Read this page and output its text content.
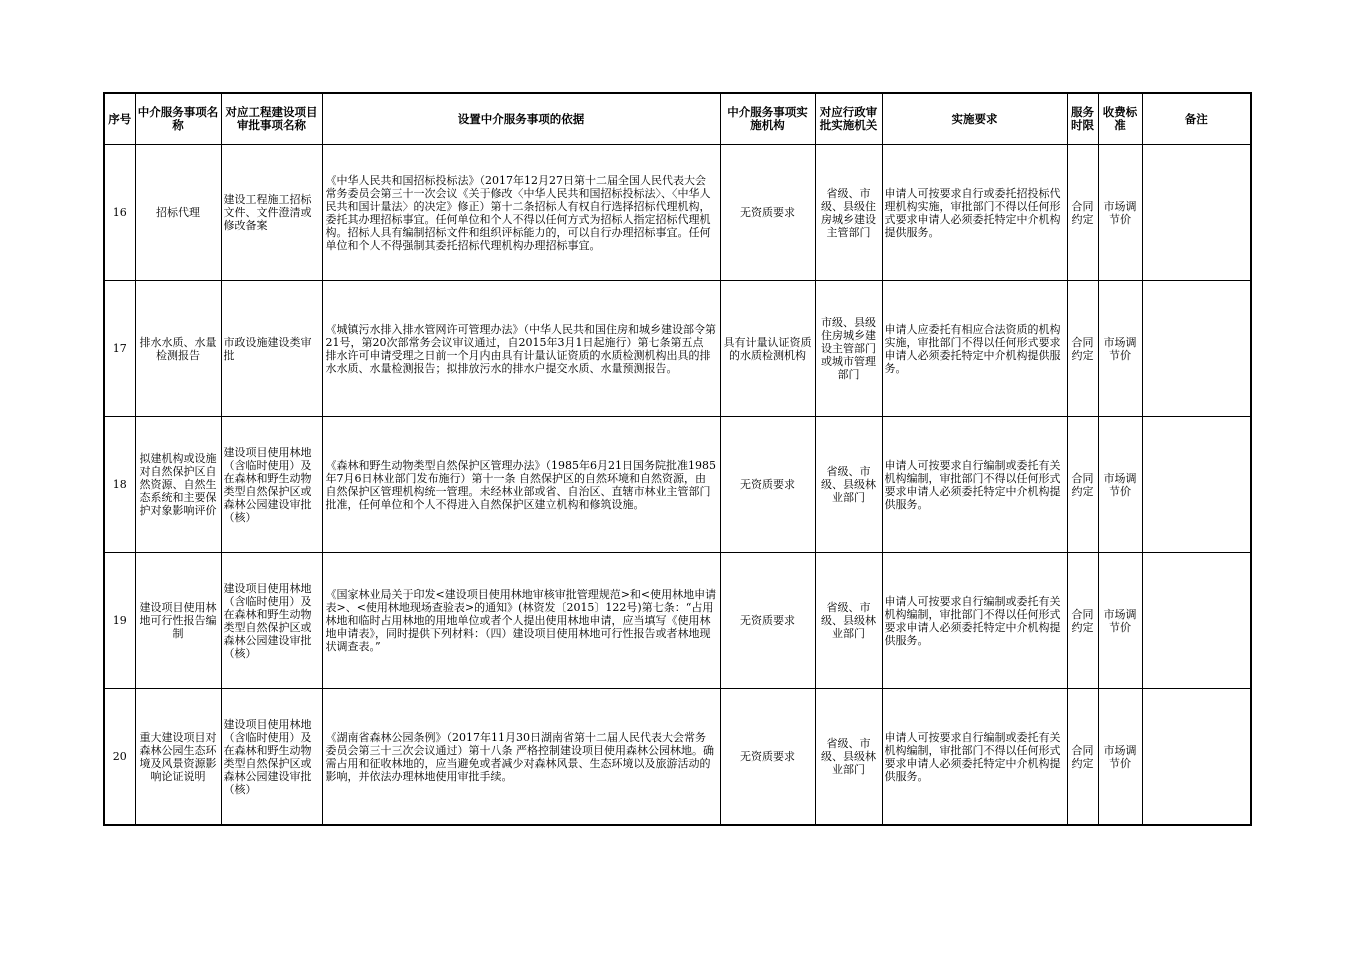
序号	中介服务事项名称	对应工程建设项目审批事项名称	设置中介服务事项的依据	中介服务事项实施机构	对应行政审批实施机关	实施要求	服务时限	收费标准	备注
16	招标代理	建设工程施工招标文件、文件澄清或修改备案	《中华人民共和国招标投标法》（2017年12月27日第十二届全国人民代表大会常务委员会第三十一次会议《关于修改〈中华人民共和国招标投标法〉、〈中华人民共和国计量法〉的决定》修正）第十二条招标人有权自行选择招标代理机构，委托其办理招标事宜。任何单位和个人不得以任何方式为招标人指定招标代理机构。招标人具有编制招标文件和组织评标能力的，可以自行办理招标事宜。任何单位和个人不得强制其委托招标代理机构办理招标事宜。	无资质要求	省级、市级、县级住房城乡建设主管部门	申请人可按要求自行或委托招投标代理机构实施，审批部门不得以任何形式要求申请人必须委托特定中介机构提供服务。	合同约定	市场调节价	
17	排水水质、水量检测报告	市政设施建设类审批	《城镇污水排入排水管网许可管理办法》（中华人民共和国住房和城乡建设部令第21号，第20次部常务会议审议通过，自2015年3月1日起施行）第七条第五点 排水许可申请受理之日前一个月内由具有计量认证资质的水质检测机构出具的排水水质、水量检测报告；拟排放污水的排水户提交水质、水量预测报告。	具有计量认证资质的水质检测机构	市级、县级住房城乡建设主管部门或城市管理部门	申请人应委托有相应合法资质的机构实施，审批部门不得以任何形式要求申请人必须委托特定中介机构提供服务。	合同约定	市场调节价	
18	拟建机构或设施对自然保护区自然资源、自然生态系统和主要保护对象影响评价	建设项目使用林地（含临时使用）及在森林和野生动物类型自然保护区或森林公园建设审批（核）	《森林和野生动物类型自然保护区管理办法》（1985年6月21日国务院批准1985年7月6日林业部门发布施行）第十一条 自然保护区的自然环境和自然资源，由自然保护区管理机构统一管理。未经林业部或省、自治区、直辖市林业主管部门批准，任何单位和个人不得进入自然保护区建立机构和修筑设施。	无资质要求	省级、市级、县级林业部门	申请人可按要求自行编制或委托有关机构编制，审批部门不得以任何形式要求申请人必须委托特定中介机构提供服务。	合同约定	市场调节价	
19	建设项目使用林地可行性报告编制	建设项目使用林地（含临时使用）及在森林和野生动物类型自然保护区或森林公园建设审批（核）	《国家林业局关于印发<建设项目使用林地审核审批管理规范>和<使用林地申请表>、<使用林地现场查验表>的通知》(林资发〔2015〕122号)第七条：“占用林地和临时占用林地的用地单位或者个人提出使用林地申请，应当填写《使用林地申请表》，同时提供下列材料：（四）建设项目使用林地可行性报告或者林地现状调查表。”	无资质要求	省级、市级、县级林业部门	申请人可按要求自行编制或委托有关机构编制，审批部门不得以任何形式要求申请人必须委托特定中介机构提供服务。	合同约定	市场调节价	
20	重大建设项目对森林公园生态环境及风景资源影响论证说明	建设项目使用林地（含临时使用）及在森林和野生动物类型自然保护区或森林公园建设审批（核）	《湖南省森林公园条例》（2017年11月30日湖南省第十二届人民代表大会常务委员会第三十三次会议通过）第十八条 严格控制建设项目使用森林公园林地。确需占用和征收林地的，应当避免或者减少对森林风景、生态环境以及旅游活动的影响，并依法办理林地使用审批手续。	无资质要求	省级、市级、县级林业部门	申请人可按要求自行编制或委托有关机构编制，审批部门不得以任何形式要求申请人必须委托特定中介机构提供服务。	合同约定	市场调节价	
